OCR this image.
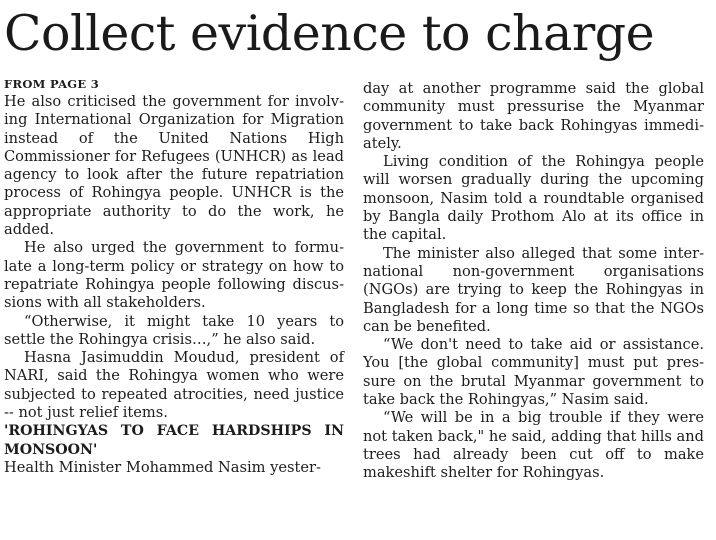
Collect evidence to charge
FROM PAGE 3

He also criticised the government for involving International Organization for Migration instead of the United Nations High Commissioner for Refugees (UNHCR) as lead agency to look after the future repatriation process of Rohingya people. UNHCR is the appropriate authority to do the work, he added.

He also urged the government to formulate a long-term policy or strategy on how to repatriate Rohingya people following discussions with all stakeholders.

“Otherwise, it might take 10 years to settle the Rohingya crisis…,” he also said.

Hasna Jasimuddin Moudud, president of NARI, said the Rohingya women who were subjected to repeated atrocities, need justice -- not just relief items.

'ROHINGYAS TO FACE HARDSHIPS IN MONSOON'

Health Minister Mohammed Nasim yester-

day at another programme said the global community must pressurise the Myanmar government to take back Rohingyas immediately.

Living condition of the Rohingya people will worsen gradually during the upcoming monsoon, Nasim told a roundtable organised by Bangla daily Prothom Alo at its office in the capital.

The minister also alleged that some international non-government organisations (NGOs) are trying to keep the Rohingyas in Bangladesh for a long time so that the NGOs can be benefited.

“We don't need to take aid or assistance. You [the global community] must put pressure on the brutal Myanmar government to take back the Rohingyas,” Nasim said.

“We will be in a big trouble if they were not taken back," he said, adding that hills and trees had already been cut off to make makeshift shelter for Rohingyas.
